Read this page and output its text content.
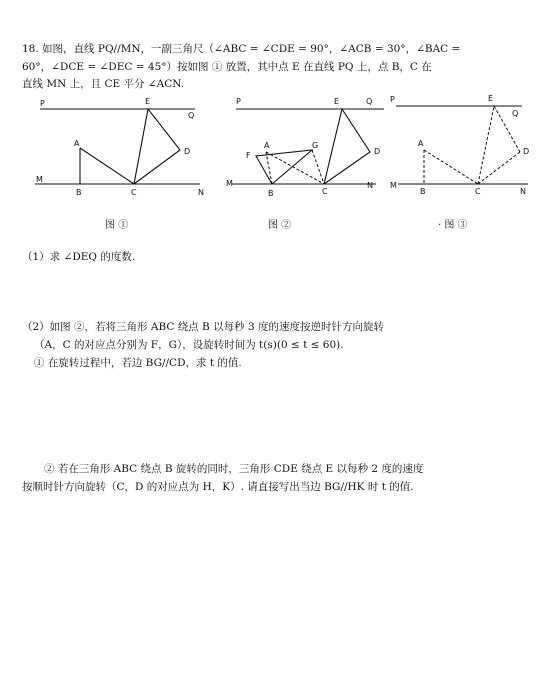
18. 如图，直线 PQ//MN，一副三角尺（∠ABC = ∠CDE = 90°，∠ACB = 30°，∠BAC =
60°，∠DCE = ∠DEC = 45°）按如图 ① 放置，其中点 E 在直线 PQ 上，点 B，C 在
直线 MN 上，且 CE 平分 ∠ACN.
P
Q
E
A
M
B	C
D
N
P	Q
E
F
A	G
M
B	C
D
N
P
Q
E
A
M
B	C
D
N
图 ①	图 ②	· 图 ③
（1）求 ∠DEQ 的度数.
（2）如图 ②，若将三角形 ABC 绕点 B 以每秒 3 度的速度按逆时针方向旋转
（A，C 的对应点分别为 F，G），设旋转时间为 t(s)(0 ≤ t ≤ 60).
① 在旋转过程中，若边 BG//CD，求 t 的值.
② 若在三角形 ABC 绕点 B 旋转的同时，三角形 CDE 绕点 E 以每秒 2 度的速度
按顺时针方向旋转（C，D 的对应点为 H，K）. 请直接写出当边 BG//HK 时 t 的值.
